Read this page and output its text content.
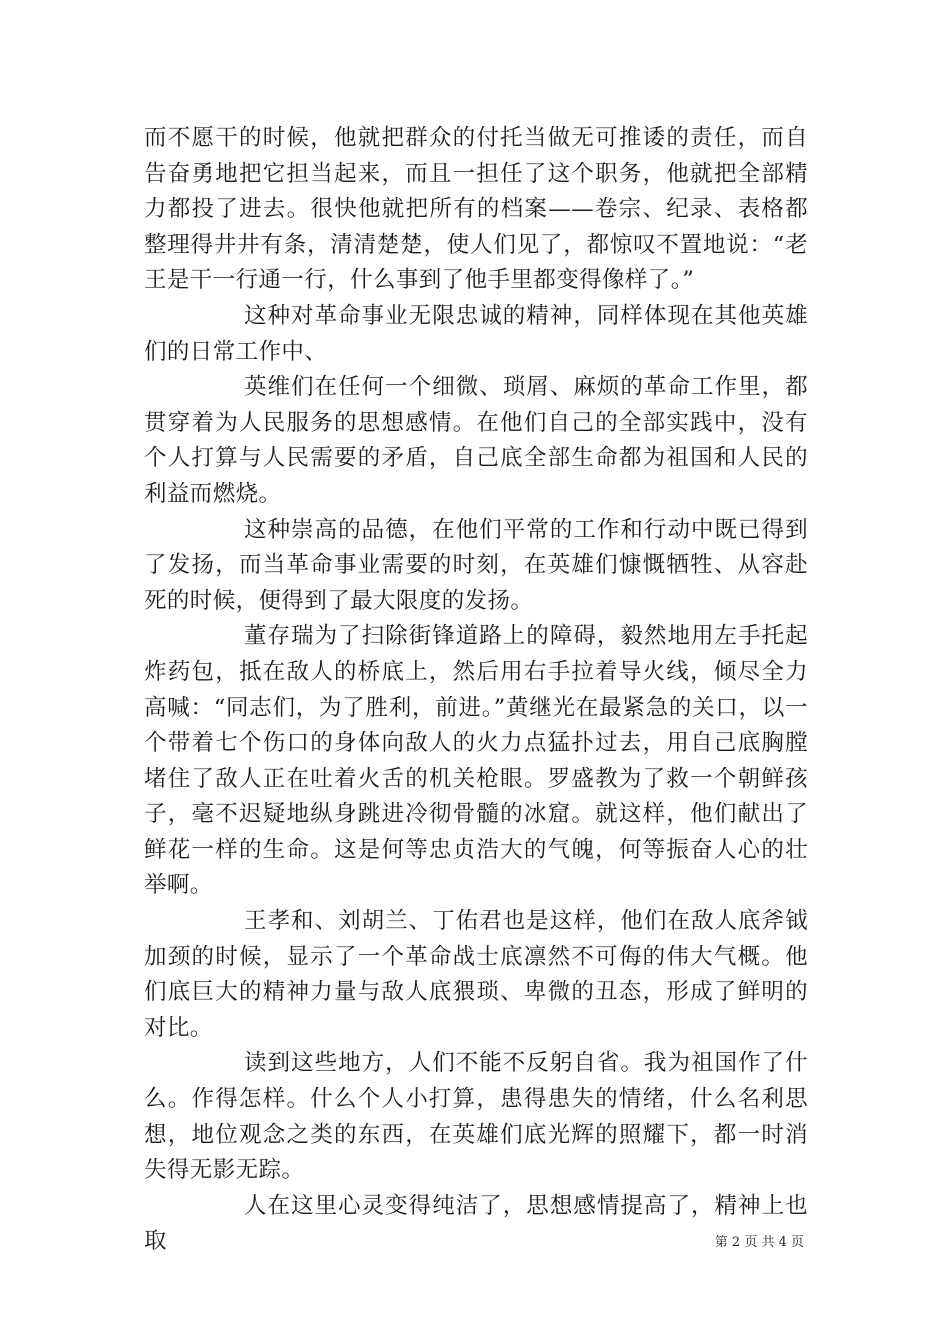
而不愿干的时候，他就把群众的付托当做无可推诿的责任，而自告奋勇地把它担当起来，而且一担任了这个职务，他就把全部精力都投了进去。很快他就把所有的档案——卷宗、纪录、表格都整理得井井有条，清清楚楚，使人们见了，都惊叹不置地说：“老王是干一行通一行，什么事到了他手里都变得像样了。”

这种对革命事业无限忠诚的精神，同样体现在其他英雄们的日常工作中、

英维们在任何一个细微、琐屑、麻烦的革命工作里，都贯穿着为人民服务的思想感情。在他们自己的全部实践中，没有个人打算与人民需要的矛盾，自己底全部生命都为祖国和人民的利益而燃烧。

这种崇高的品德，在他们平常的工作和行动中既已得到了发扬，而当革命事业需要的时刻，在英雄们慷慨牺牲、从容赴死的时候，便得到了最大限度的发扬。

董存瑞为了扫除街锋道路上的障碍，毅然地用左手托起炸药包，抵在敌人的桥底上，然后用右手拉着导火线，倾尽全力高喊：“同志们，为了胜利，前进。”黄继光在最紧急的关口，以一个带着七个伤口的身体向敌人的火力点猛扑过去，用自己底胸膛堵住了敌人正在吐着火舌的机关枪眼。罗盛教为了救一个朝鲜孩子，毫不迟疑地纵身跳进冷彻骨髓的冰窟。就这样，他们献出了鲜花一样的生命。这是何等忠贞浩大的气魄，何等振奋人心的壮举啊。

王孝和、刘胡兰、丁佑君也是这样，他们在敌人底斧钺加颈的时候，显示了一个革命战士底凛然不可侮的伟大气概。他们底巨大的精神力量与敌人底猥琐、卑微的丑态，形成了鲜明的对比。

读到这些地方，人们不能不反躬自省。我为祖国作了什么。作得怎样。什么个人小打算，患得患失的情绪，什么名利思想，地位观念之类的东西，在英雄们底光辉的照耀下，都一时消失得无影无踪。

人在这里心灵变得纯洁了，思想感情提高了，精神上也取	第 2 页 共 4 页
